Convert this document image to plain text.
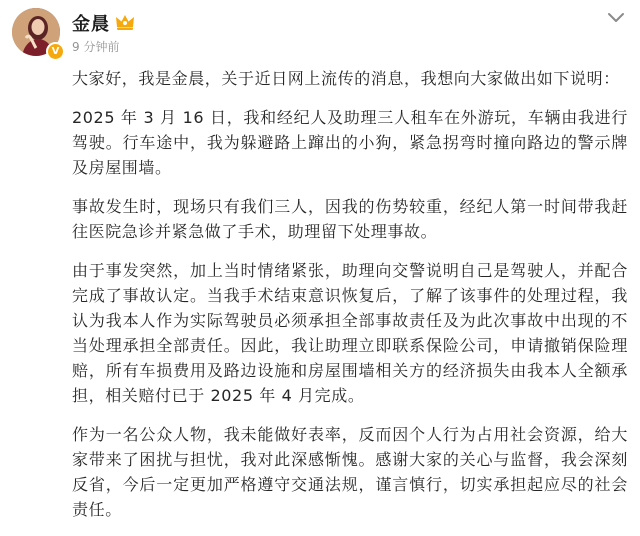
V
金晨
9 分钟前

大家好，我是金晨，关于近日网上流传的消息，我想向大家做出如下说明：

2025 年 3 月 16 日，我和经纪人及助理三人租车在外游玩，车辆由我进行驾驶。行车途中，我为躲避路上蹿出的小狗，紧急拐弯时撞向路边的警示牌及房屋围墙。

事故发生时，现场只有我们三人，因我的伤势较重，经纪人第一时间带我赶往医院急诊并紧急做了手术，助理留下处理事故。

由于事发突然，加上当时情绪紧张，助理向交警说明自己是驾驶人，并配合完成了事故认定。当我手术结束意识恢复后，了解了该事件的处理过程，我认为我本人作为实际驾驶员必须承担全部事故责任及为此次事故中出现的不当处理承担全部责任。因此，我让助理立即联系保险公司，申请撤销保险理赔，所有车损费用及路边设施和房屋围墙相关方的经济损失由我本人全额承担，相关赔付已于 2025 年 4 月完成。

作为一名公众人物，我未能做好表率，反而因个人行为占用社会资源，给大家带来了困扰与担忧，我对此深感惭愧。感谢大家的关心与监督，我会深刻反省，今后一定更加严格遵守交通法规，谨言慎行，切实承担起应尽的社会责任。
